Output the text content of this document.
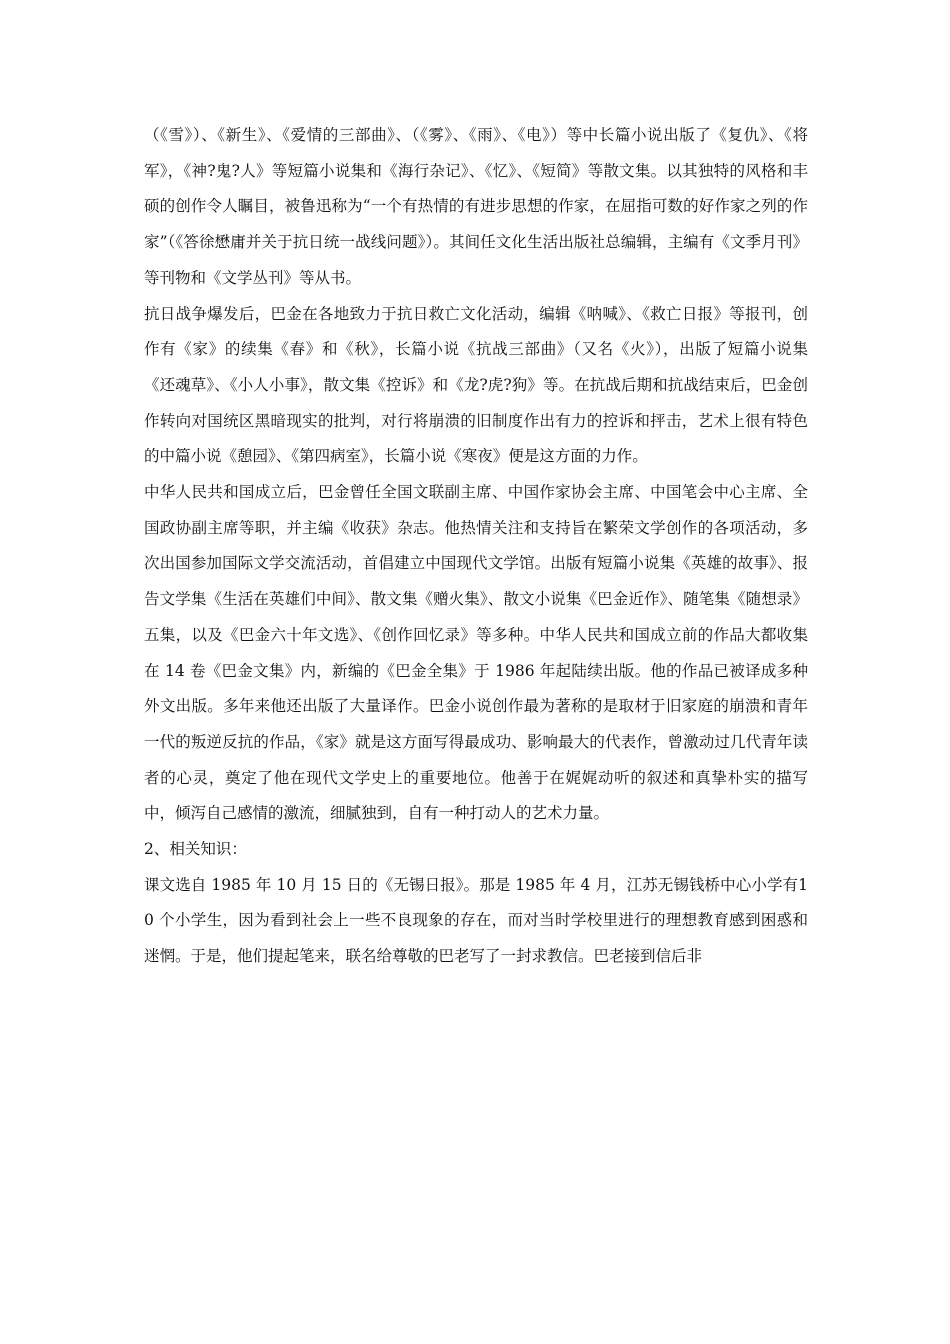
（《雪》）、《新生》、《爱情的三部曲》、（《雾》、《雨》、《电》）等中长篇小说出版了《复仇》、《将军》，《神?鬼?人》等短篇小说集和《海行杂记》、《忆》、《短简》等散文集。以其独特的风格和丰硕的创作令人瞩目，被鲁迅称为“一个有热情的有进步思想的作家，在屈指可数的好作家之列的作家”（《答徐懋庸并关于抗日统一战线问题》）。其间任文化生活出版社总编辑，主编有《文季月刊》等刊物和《文学丛刊》等从书。

抗日战争爆发后，巴金在各地致力于抗日救亡文化活动，编辑《呐喊》、《救亡日报》等报刊，创作有《家》的续集《春》和《秋》，长篇小说《抗战三部曲》（又名《火》），出版了短篇小说集《还魂草》、《小人小事》，散文集《控诉》和《龙?虎?狗》等。在抗战后期和抗战结束后，巴金创作转向对国统区黑暗现实的批判，对行将崩溃的旧制度作出有力的控诉和抨击，艺术上很有特色的中篇小说《憩园》、《第四病室》，长篇小说《寒夜》便是这方面的力作。

中华人民共和国成立后，巴金曾任全国文联副主席、中国作家协会主席、中国笔会中心主席、全国政协副主席等职，并主编《收获》杂志。他热情关注和支持旨在繁荣文学创作的各项活动，多次出国参加国际文学交流活动，首倡建立中国现代文学馆。出版有短篇小说集《英雄的故事》、报告文学集《生活在英雄们中间》、散文集《赠火集》、散文小说集《巴金近作》、随笔集《随想录》五集，以及《巴金六十年文选》、《创作回忆录》等多种。中华人民共和国成立前的作品大都收集在 14 卷《巴金文集》内，新编的《巴金全集》于 1986 年起陆续出版。他的作品已被译成多种外文出版。多年来他还出版了大量译作。巴金小说创作最为著称的是取材于旧家庭的崩溃和青年一代的叛逆反抗的作品，《家》就是这方面写得最成功、影响最大的代表作，曾激动过几代青年读者的心灵，奠定了他在现代文学史上的重要地位。他善于在娓娓动听的叙述和真挚朴实的描写中，倾泻自己感情的激流，细腻独到，自有一种打动人的艺术力量。

2、相关知识：

课文选自 1985 年 10 月 15 日的《无锡日报》。那是 1985 年 4 月，江苏无锡钱桥中心小学有10 个小学生，因为看到社会上一些不良现象的存在，而对当时学校里进行的理想教育感到困惑和迷惘。于是，他们提起笔来，联名给尊敬的巴老写了一封求教信。巴老接到信后非
